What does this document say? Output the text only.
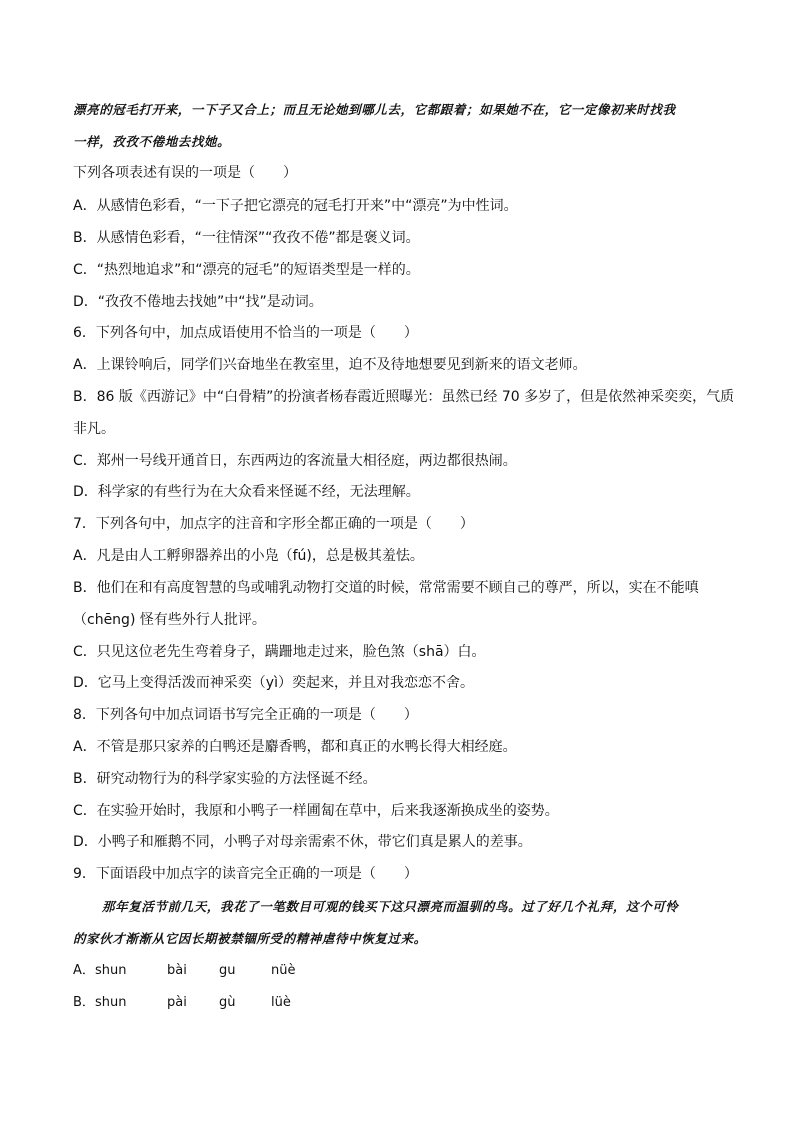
漂亮的冠毛打开来，一下子又合上；而且无论她到哪儿去，它都跟着；如果她不在，它一定像初来时找我
一样，孜孜不倦地去找她。
下列各项表述有误的一项是（　　）
A．从感情色彩看，“一下子把它漂亮的冠毛打开来”中“漂亮”为中性词。
B．从感情色彩看，“一往情深”“孜孜不倦”都是褒义词。
C．“热烈地追求”和“漂亮的冠毛”的短语类型是一样的。
D．“孜孜不倦地去找她”中“找”是动词。
6．下列各句中，加点成语使用不恰当的一项是（　　）
A．上课铃响后，同学们兴奋地坐在教室里，迫不及待地想要见到新来的语文老师。
B．86 版《西游记》中“白骨精”的扮演者杨春霞近照曝光：虽然已经 70 多岁了，但是依然神采奕奕，气质
非凡。
C．郑州一号线开通首日，东西两边的客流量大相径庭，两边都很热闹。
D．科学家的有些行为在大众看来怪诞不经，无法理解。
7．下列各句中，加点字的注音和字形全都正确的一项是（　　）
A．凡是由人工孵卵器养出的小凫（fú)，总是极其羞怯。
B．他们在和有高度智慧的鸟或哺乳动物打交道的时候，常常需要不顾自己的尊严，所以，实在不能嗔
（chēng) 怪有些外行人批评。
C．只见这位老先生弯着身子，蹒跚地走过来，脸色煞（shā）白。
D．它马上变得活泼而神采奕（yì）奕起来，并且对我恋恋不舍。
8．下列各句中加点词语书写完全正确的一项是（　　）
A．不管是那只家养的白鸭还是麝香鸭，都和真正的水鸭长得大相经庭。
B．研究动物行为的科学家实验的方法怪诞不经。
C．在实验开始时，我原和小鸭子一样圃匐在草中，后来我逐渐换成坐的姿势。
D．小鸭子和雁鹅不同，小鸭子对母亲需索不休，带它们真是累人的差事。
9．下面语段中加点字的读音完全正确的一项是（　　）
那年复活节前几天，我花了一笔数目可观的钱买下这只漂亮而温驯的鸟。过了好几个礼拜，这个可怜
的家伙才渐渐从它因长期被禁锢所受的精神虐待中恢复过来。
A．shun	bài gu	nüè
B．shun	pài gù	lüè
